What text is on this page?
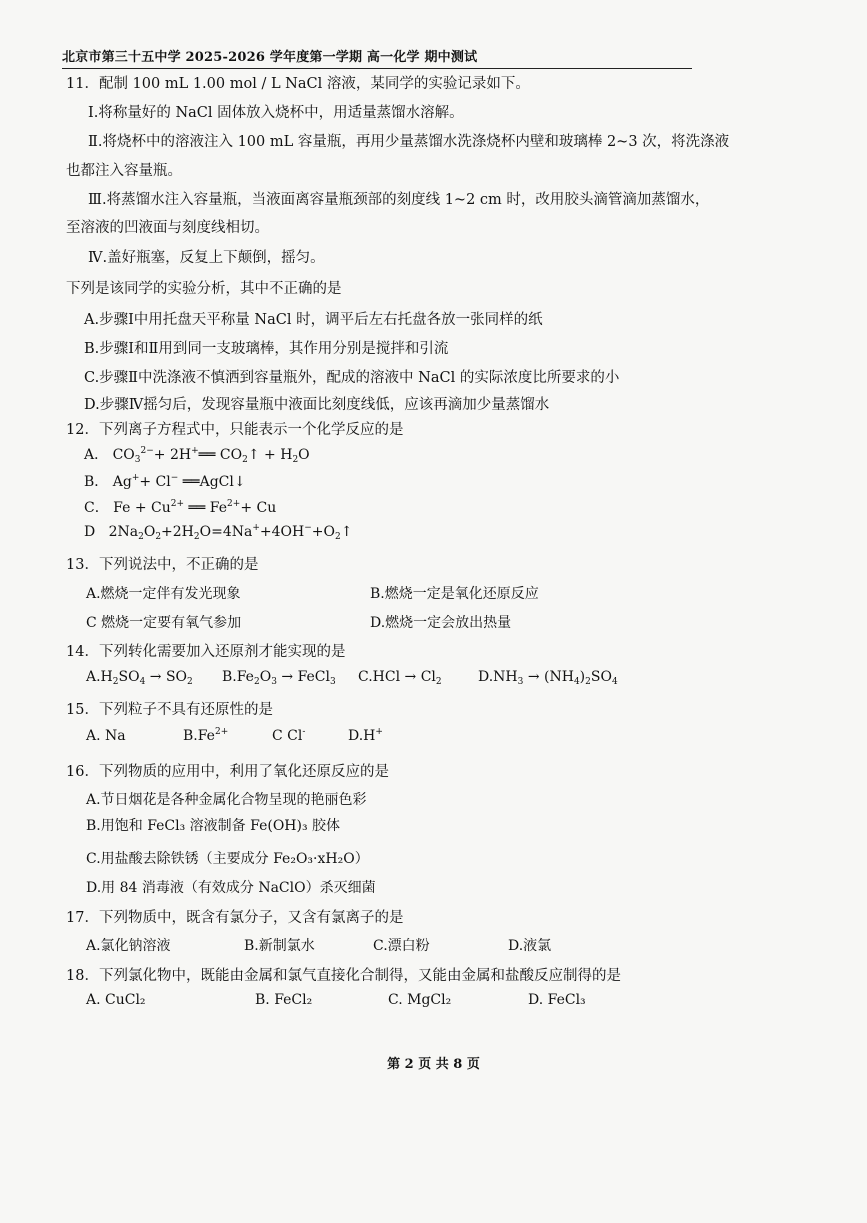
北京市第三十五中学 2025-2026 学年度第一学期 高一化学 期中测试
11．配制 100 mL 1.00 mol / L NaCl 溶液，某同学的实验记录如下。
Ⅰ.将称量好的 NaCl 固体放入烧杯中，用适量蒸馏水溶解。
Ⅱ.将烧杯中的溶液注入 100 mL 容量瓶，再用少量蒸馏水洗涤烧杯内壁和玻璃棒 2~3 次，将洗涤液
也都注入容量瓶。
Ⅲ.将蒸馏水注入容量瓶，当液面离容量瓶颈部的刻度线 1~2 cm 时，改用胶头滴管滴加蒸馏水，
至溶液的凹液面与刻度线相切。
Ⅳ.盖好瓶塞，反复上下颠倒，摇匀。
下列是该同学的实验分析，其中不正确的是
A.步骤Ⅰ中用托盘天平称量 NaCl 时，调平后左右托盘各放一张同样的纸
B.步骤Ⅰ和Ⅱ用到同一支玻璃棒，其作用分别是搅拌和引流
C.步骤Ⅱ中洗涤液不慎洒到容量瓶外，配成的溶液中 NaCl 的实际浓度比所要求的小
D.步骤Ⅳ摇匀后，发现容量瓶中液面比刻度线低，应该再滴加少量蒸馏水
12．下列离子方程式中，只能表示一个化学反应的是
A． $CO_3^{2-}+$ 2H+══ $CO_2↑ + H_2O$
B． Ag++ Cl− ══AgCl↓
C． $Fe + Cu^{2+}$ ══ $Fe^{2+}+ Cu$
D   $2Na_2O_2+2H_2O=4Na^++4OH^-+O_2↑$
13．下列说法中，不正确的是
A.燃烧一定伴有发光现象	B.燃烧一定是氧化还原反应
C 燃烧一定要有氧气参加	D.燃烧一定会放出热量
14．下列转化需要加入还原剂才能实现的是
$A.H_2SO_4 \to SO_2$ $B.Fe_2O_3$ → FeCl$_3$ $C.HCl \to Cl_2$	$D.NH_3 \to (NH_4)_2SO_4$
15．下列粒子不具有还原性的是
A. Na	$B.Fe^{2+}$	C Cl-	D.H+
16．下列物质的应用中，利用了氧化还原反应的是
A.节日烟花是各种金属化合物呈现的艳丽色彩
B.用饱和 FeCl₃ 溶液制备 Fe(OH)₃ 胶体
C.用盐酸去除铁锈（主要成分 Fe₂O₃·xH₂O）
D.用 84 消毒液（有效成分 NaClO）杀灭细菌
17．下列物质中，既含有氯分子，又含有氯离子的是
A.氯化钠溶液	B.新制氯水	C.漂白粉	D.液氯
18．下列氯化物中，既能由金属和氯气直接化合制得，又能由金属和盐酸反应制得的是
A. CuCl₂	B. FeCl₂	C. MgCl₂	D. FeCl₃
第 2 页 共 8 页
